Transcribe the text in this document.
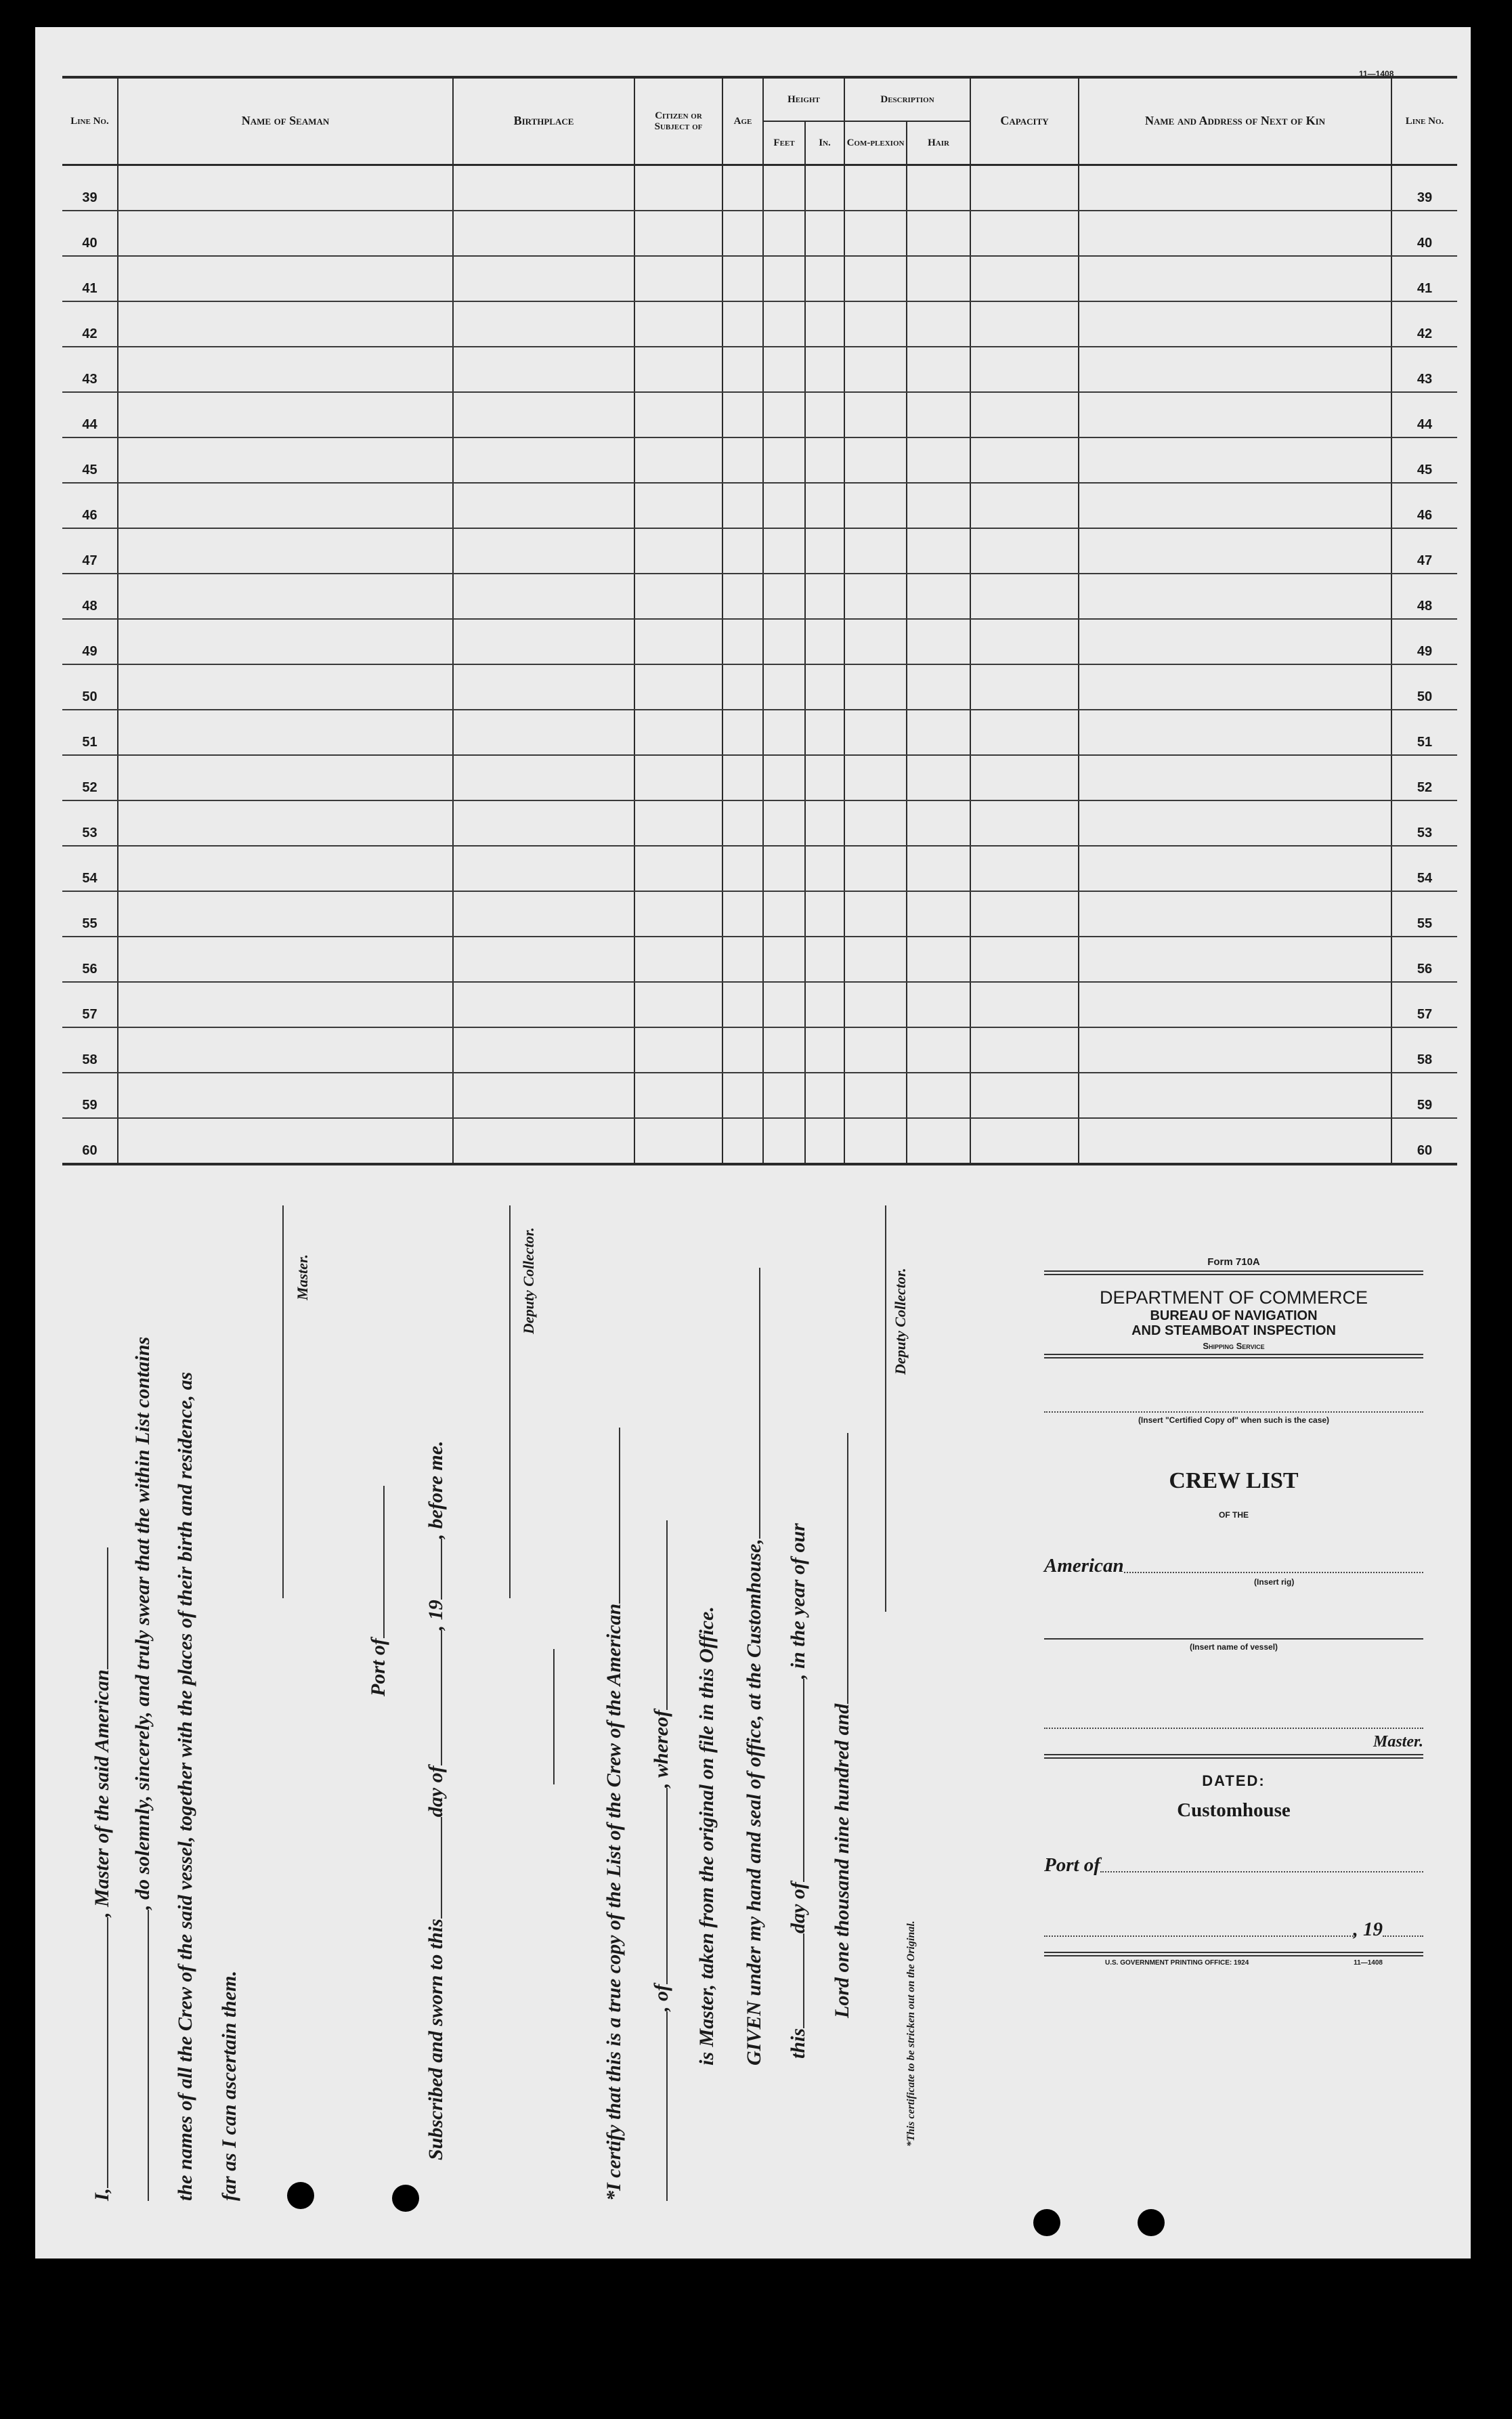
11—1408
Line No.	Name of Seaman	Birthplace	Citizen or Subject of	Age	Height		Description		Capacity	Name and Address of Next of Kin	Line No.
					Feet	In.	Com-plexion	Hair			
39											39
40											40
41											41
42											42
43											43
44											44
45											45
46											46
47											47
48											48
49											49
50											50
51											51
52											52
53											53
54											54
55											55
56											56
57											57
58											58
59											59
60											60
I,, Master of the said American , do solemnly, sincerely, and truly swear that the within List contains the names of all the Crew of the said vessel, together with the places of their birth and residence, as far as I can ascertain them.
Master.
Port of
Subscribed and sworn to thisday of, 19, before me.
Deputy Collector.
*I certify that this is a true copy of the List of the Crew of the American , of, whereof is Master, taken from the original on file in this Office. GIVEN under my hand and seal of office, at the Customhouse, thisday of, in the year of our
Lord one thousand nine hundred and
Deputy Collector.
*This certificate to be stricken out on the Original.
Form 710A
DEPARTMENT OF COMMERCE
BUREAU OF NAVIGATION
AND STEAMBOAT INSPECTION
Shipping Service
(Insert "Certified Copy of" when such is the case)
CREW LIST
OF THE
American
(Insert rig)
(Insert name of vessel)
Master.
DATED:
Customhouse
Port of
, 19
U.S. GOVERNMENT PRINTING OFFICE: 1924	11—1408
